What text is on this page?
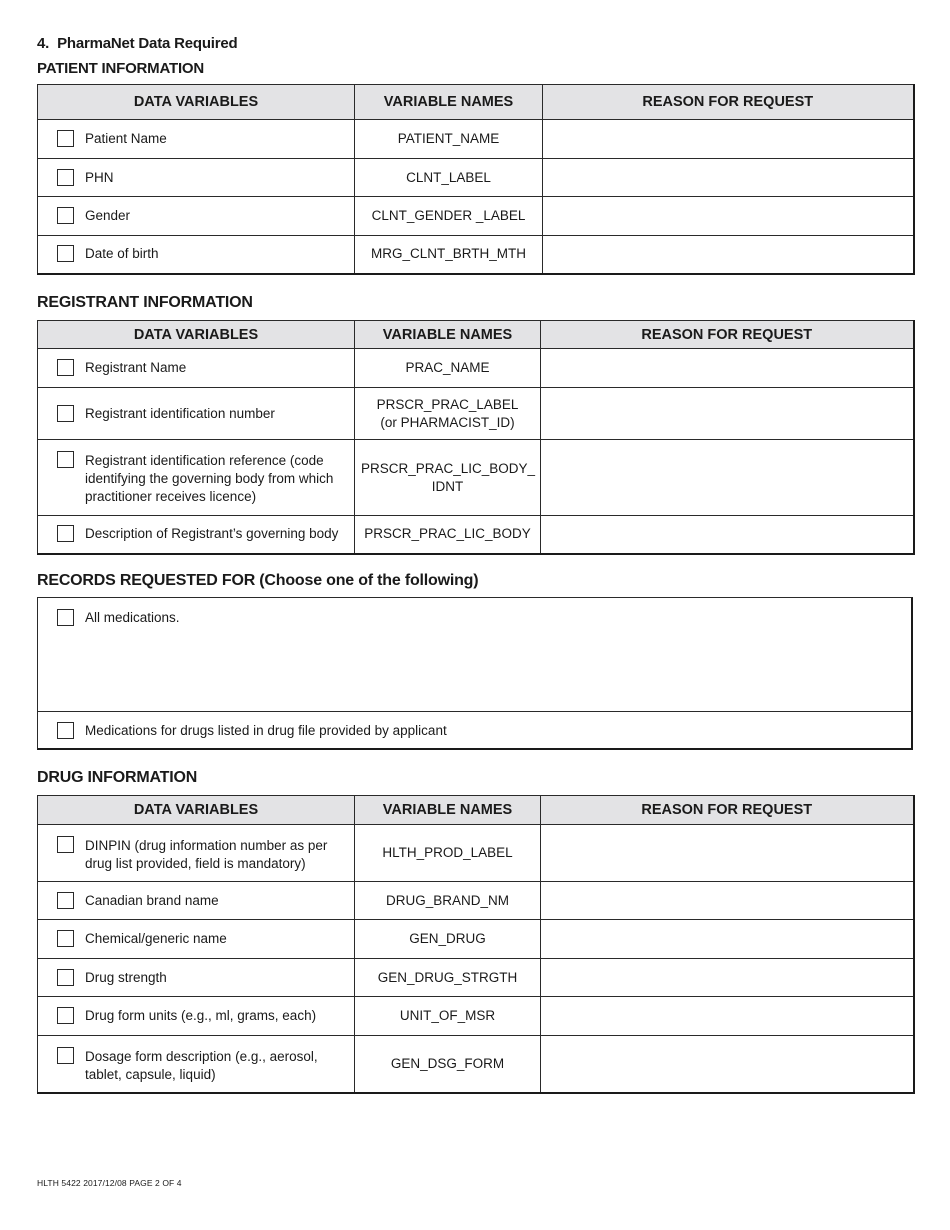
4. PharmaNet Data Required
PATIENT INFORMATION
DATA VARIABLES	VARIABLE NAMES	REASON FOR REQUEST

Patient Name	PATIENT_NAME	

PHN	CLNT_LABEL	

Gender	CLNT_GENDER _LABEL	

Date of birth	MRG_CLNT_BRTH_MTH	
REGISTRANT INFORMATION
DATA VARIABLES	VARIABLE NAMES	REASON FOR REQUEST

Registrant Name	PRAC_NAME	

Registrant identification number	PRSCR_PRAC_LABEL
(or PHARMACIST_ID)	

Registrant identification reference (code identifying the governing body from which practitioner receives licence)	PRSCR_PRAC_LIC_BODY_
IDNT	

Description of Registrant’s governing body	PRSCR_PRAC_LIC_BODY	
RECORDS REQUESTED FOR (Choose one of the following)
All medications.
Medications for drugs listed in drug file provided by applicant
DRUG INFORMATION
DATA VARIABLES	VARIABLE NAMES	REASON FOR REQUEST

DINPIN (drug information number as per drug list provided, field is mandatory)	HLTH_PROD_LABEL	

Canadian brand name	DRUG_BRAND_NM	

Chemical/generic name	GEN_DRUG	

Drug strength	GEN_DRUG_STRGTH	

Drug form units (e.g., ml, grams, each)	UNIT_OF_MSR	

Dosage form description (e.g., aerosol, tablet, capsule, liquid)	GEN_DSG_FORM	
HLTH 5422 2017/12/08 PAGE 2 OF 4
